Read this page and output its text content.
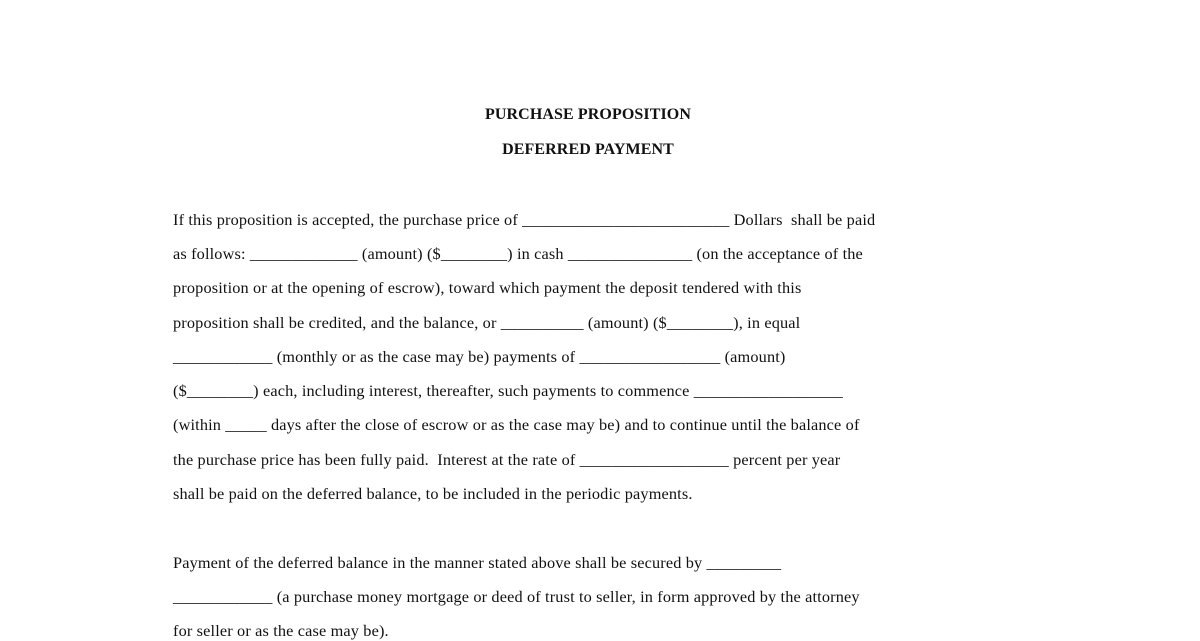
PURCHASE PROPOSITION
DEFERRED PAYMENT
If this proposition is accepted, the purchase price of _________________________ Dollars  shall be paid
as follows: _____________ (amount) ($________) in cash _______________ (on the acceptance of the
proposition or at the opening of escrow), toward which payment the deposit tendered with this
proposition shall be credited, and the balance, or __________ (amount) ($________), in equal
____________ (monthly or as the case may be) payments of _________________ (amount)
($________) each, including interest, thereafter, such payments to commence __________________
(within _____ days after the close of escrow or as the case may be) and to continue until the balance of
the purchase price has been fully paid.  Interest at the rate of __________________ percent per year
shall be paid on the deferred balance, to be included in the periodic payments.
Payment of the deferred balance in the manner stated above shall be secured by _________
____________ (a purchase money mortgage or deed of trust to seller, in form approved by the attorney
for seller or as the case may be).
